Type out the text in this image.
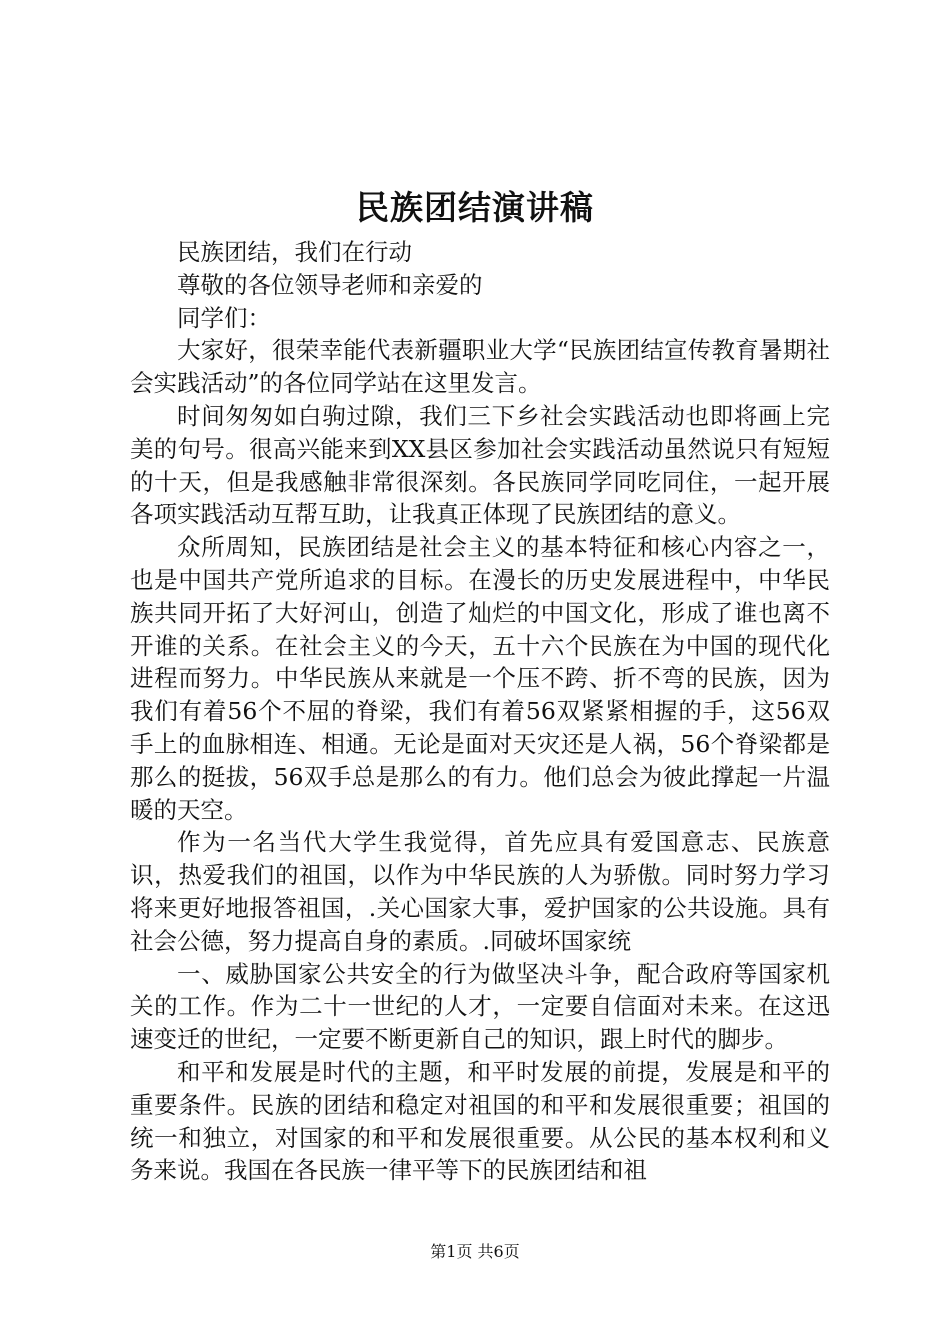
民族团结演讲稿

民族团结，我们在行动

尊敬的各位领导老师和亲爱的

同学们：

大家好，很荣幸能代表新疆职业大学“民族团结宣传教育暑期社会实践活动”的各位同学站在这里发言。

时间匆匆如白驹过隙，我们三下乡社会实践活动也即将画上完美的句号。很高兴能来到XX县区参加社会实践活动虽然说只有短短的十天，但是我感触非常很深刻。各民族同学同吃同住，一起开展各项实践活动互帮互助，让我真正体现了民族团结的意义。

众所周知，民族团结是社会主义的基本特征和核心内容之一，也是中国共产党所追求的目标。在漫长的历史发展进程中，中华民族共同开拓了大好河山，创造了灿烂的中国文化，形成了谁也离不开谁的关系。在社会主义的今天，五十六个民族在为中国的现代化进程而努力。中华民族从来就是一个压不跨、折不弯的民族，因为我们有着56个不屈的脊梁，我们有着56双紧紧相握的手，这56双手上的血脉相连、相通。无论是面对天灾还是人祸，56个脊梁都是那么的挺拔，56双手总是那么的有力。他们总会为彼此撑起一片温暖的天空。

作为一名当代大学生我觉得，首先应具有爱国意志、民族意识，热爱我们的祖国，以作为中华民族的人为骄傲。同时努力学习将来更好地报答祖国，.关心国家大事，爱护国家的公共设施。具有社会公德，努力提高自身的素质。.同破坏国家统

一、威胁国家公共安全的行为做坚决斗争，配合政府等国家机关的工作。作为二十一世纪的人才，一定要自信面对未来。在这迅速变迁的世纪，一定要不断更新自己的知识，跟上时代的脚步。

和平和发展是时代的主题，和平时发展的前提，发展是和平的重要条件。民族的团结和稳定对祖国的和平和发展很重要；祖国的统一和独立，对国家的和平和发展很重要。从公民的基本权利和义务来说。我国在各民族一律平等下的民族团结和祖

第1页 共6页
